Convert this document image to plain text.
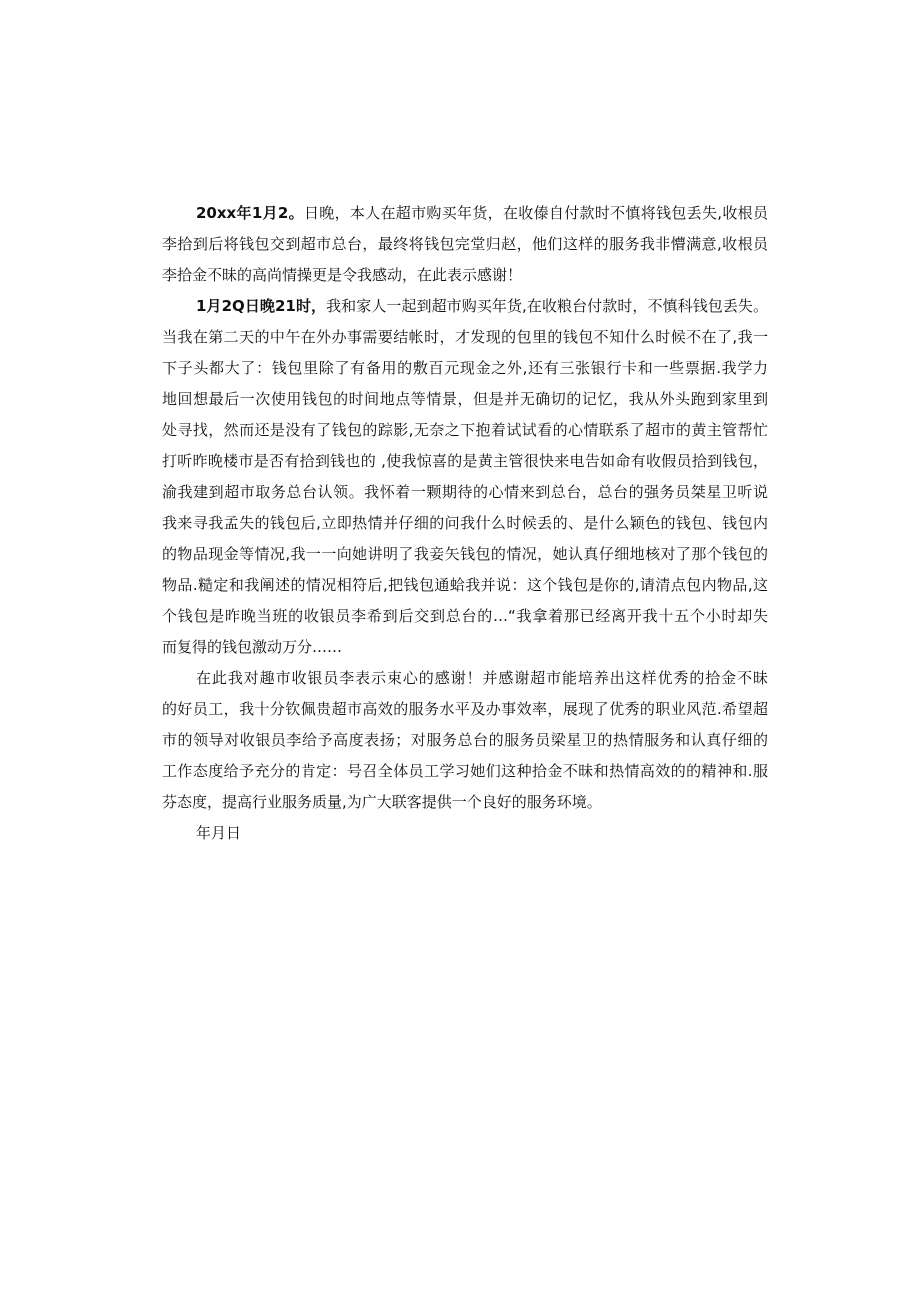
20xx年1月2。日晚，本人在超市购买年货，在收傣自付款时不慎将钱包丢失,收根员
李拾到后将钱包交到超市总台，最终将钱包完堂归赵，他们这样的服务我非懵满意,收根员
李拾金不昧的高尚情操更是令我感动，在此表示感谢！
1月2Q日晚21时，我和家人一起到超市购买年货,在收粮台付款时，不慎科钱包丢失。
当我在第二天的中午在外办事需要结帐时，才发现的包里的钱包不知什么时候不在了,我一
下子头都大了：钱包里除了有备用的敷百元现金之外,还有三张银行卡和一些票据.我学力
地回想最后一次使用钱包的时间地点等情景，但是并无确切的记忆，我从外头跑到家里到
处寻找，然而还是没有了钱包的踪影,无奈之下抱着试试看的心情联系了超市的黄主管帮忙
打听昨晚楼市是否有拾到钱也的 ,使我惊喜的是黄主管很快来电告如命有收假员拾到钱包，
渝我建到超市取务总台认领。我怀着一颗期待的心情来到总台，总台的强务员桀星卫听说
我来寻我孟失的钱包后,立即热情并仔细的问我什么时候丢的、是什么颖色的钱包、钱包内
的物品现金等情况,我一一向她讲明了我妾矢钱包的情况，她认真仔细地核对了那个钱包的
物品.糙定和我阐述的情况相符后,把钱包通蛤我并说：这个钱包是你的,请清点包内物品,这
个钱包是昨晚当班的收银员李希到后交到总台的…“我拿着那已经离开我十五个小时却失
而复得的钱包激动万分……
在此我对趣市收银员李表示束心的感谢！并感谢超市能培养出这样优秀的拾金不昧
的好员工，我十分钦佩贵超市高效的服务水平及办事效率，展现了优秀的职业风范.希望超
市的领导对收银员李给予高度表扬；对服务总台的服务员梁星卫的热情服务和认真仔细的
工作态度给予充分的肯定：号召全体员工学习她们这种拾金不昧和热情高效的的精神和.服
芬态度，提高行业服务质量,为广大联客提供一个良好的服务环境。
年月日
